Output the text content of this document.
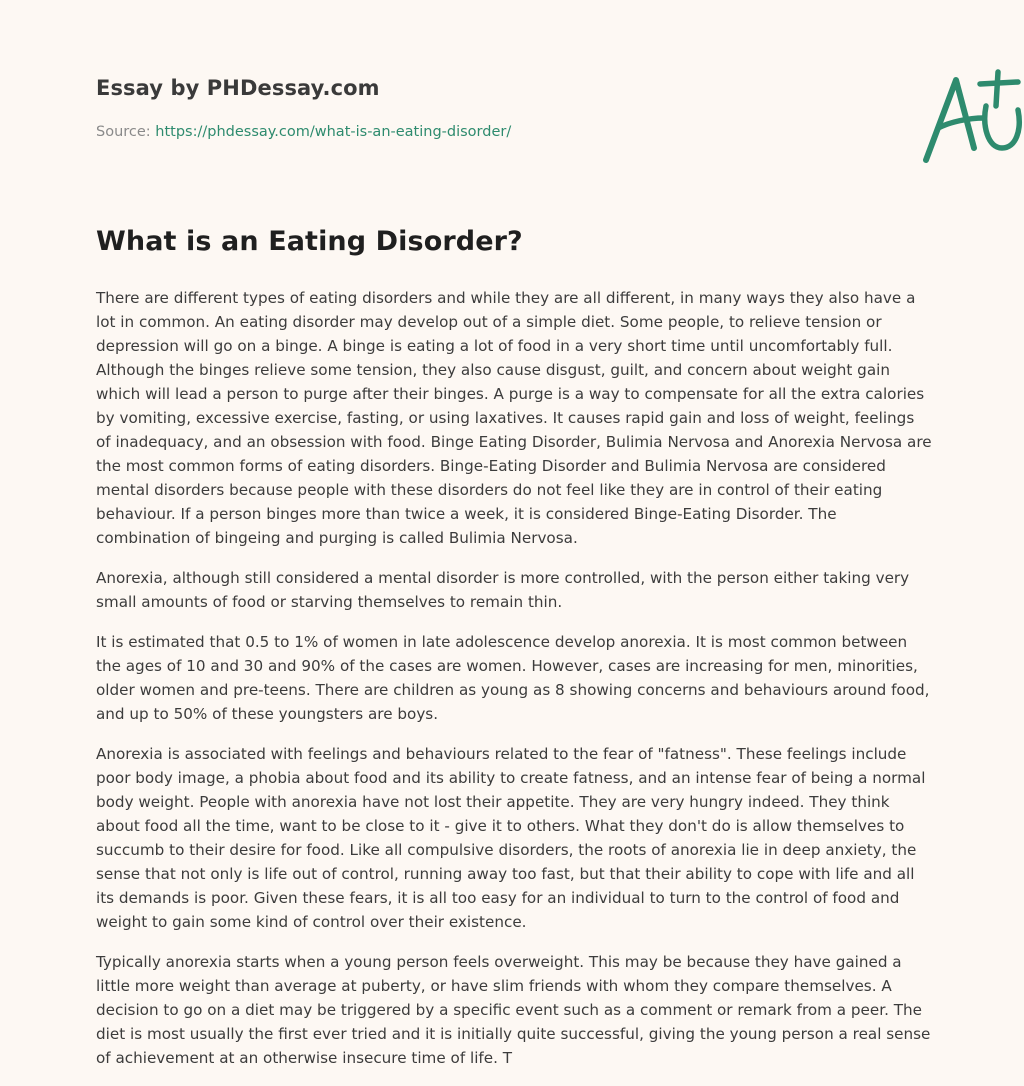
Essay by PHDessay.com
Source: https://phdessay.com/what-is-an-eating-disorder/
What is an Eating Disorder?

There are different types of eating disorders and while they are all different, in many ways they also have a lot in common. An eating disorder may develop out of a simple diet. Some people, to relieve tension or depression will go on a binge. A binge is eating a lot of food in a very short time until uncomfortably full. Although the binges relieve some tension, they also cause disgust, guilt, and concern about weight gain which will lead a person to purge after their binges. A purge is a way to compensate for all the extra calories by vomiting, excessive exercise, fasting, or using laxatives. It causes rapid gain and loss of weight, feelings of inadequacy, and an obsession with food. Binge Eating Disorder, Bulimia Nervosa and Anorexia Nervosa are the most common forms of eating disorders. Binge-Eating Disorder and Bulimia Nervosa are considered mental disorders because people with these disorders do not feel like they are in control of their eating behaviour. If a person binges more than twice a week, it is considered Binge-Eating Disorder. The combination of bingeing and purging is called Bulimia Nervosa.

Anorexia, although still considered a mental disorder is more controlled, with the person either taking very small amounts of food or starving themselves to remain thin.

It is estimated that 0.5 to 1% of women in late adolescence develop anorexia. It is most common between the ages of 10 and 30 and 90% of the cases are women. However, cases are increasing for men, minorities, older women and pre-teens. There are children as young as 8 showing concerns and behaviours around food, and up to 50% of these youngsters are boys.

Anorexia is associated with feelings and behaviours related to the fear of "fatness". These feelings include poor body image, a phobia about food and its ability to create fatness, and an intense fear of being a normal body weight. People with anorexia have not lost their appetite. They are very hungry indeed. They think about food all the time, want to be close to it - give it to others. What they don't do is allow themselves to succumb to their desire for food. Like all compulsive disorders, the roots of anorexia lie in deep anxiety, the sense that not only is life out of control, running away too fast, but that their ability to cope with life and all its demands is poor. Given these fears, it is all too easy for an individual to turn to the control of food and weight to gain some kind of control over their existence.

Typically anorexia starts when a young person feels overweight. This may be because they have gained a little more weight than average at puberty, or have slim friends with whom they compare themselves. A decision to go on a diet may be triggered by a specific event such as a comment or remark from a peer. The diet is most usually the first ever tried and it is initially quite successful, giving the young person a real sense of achievement at an otherwise insecure time of life. T
